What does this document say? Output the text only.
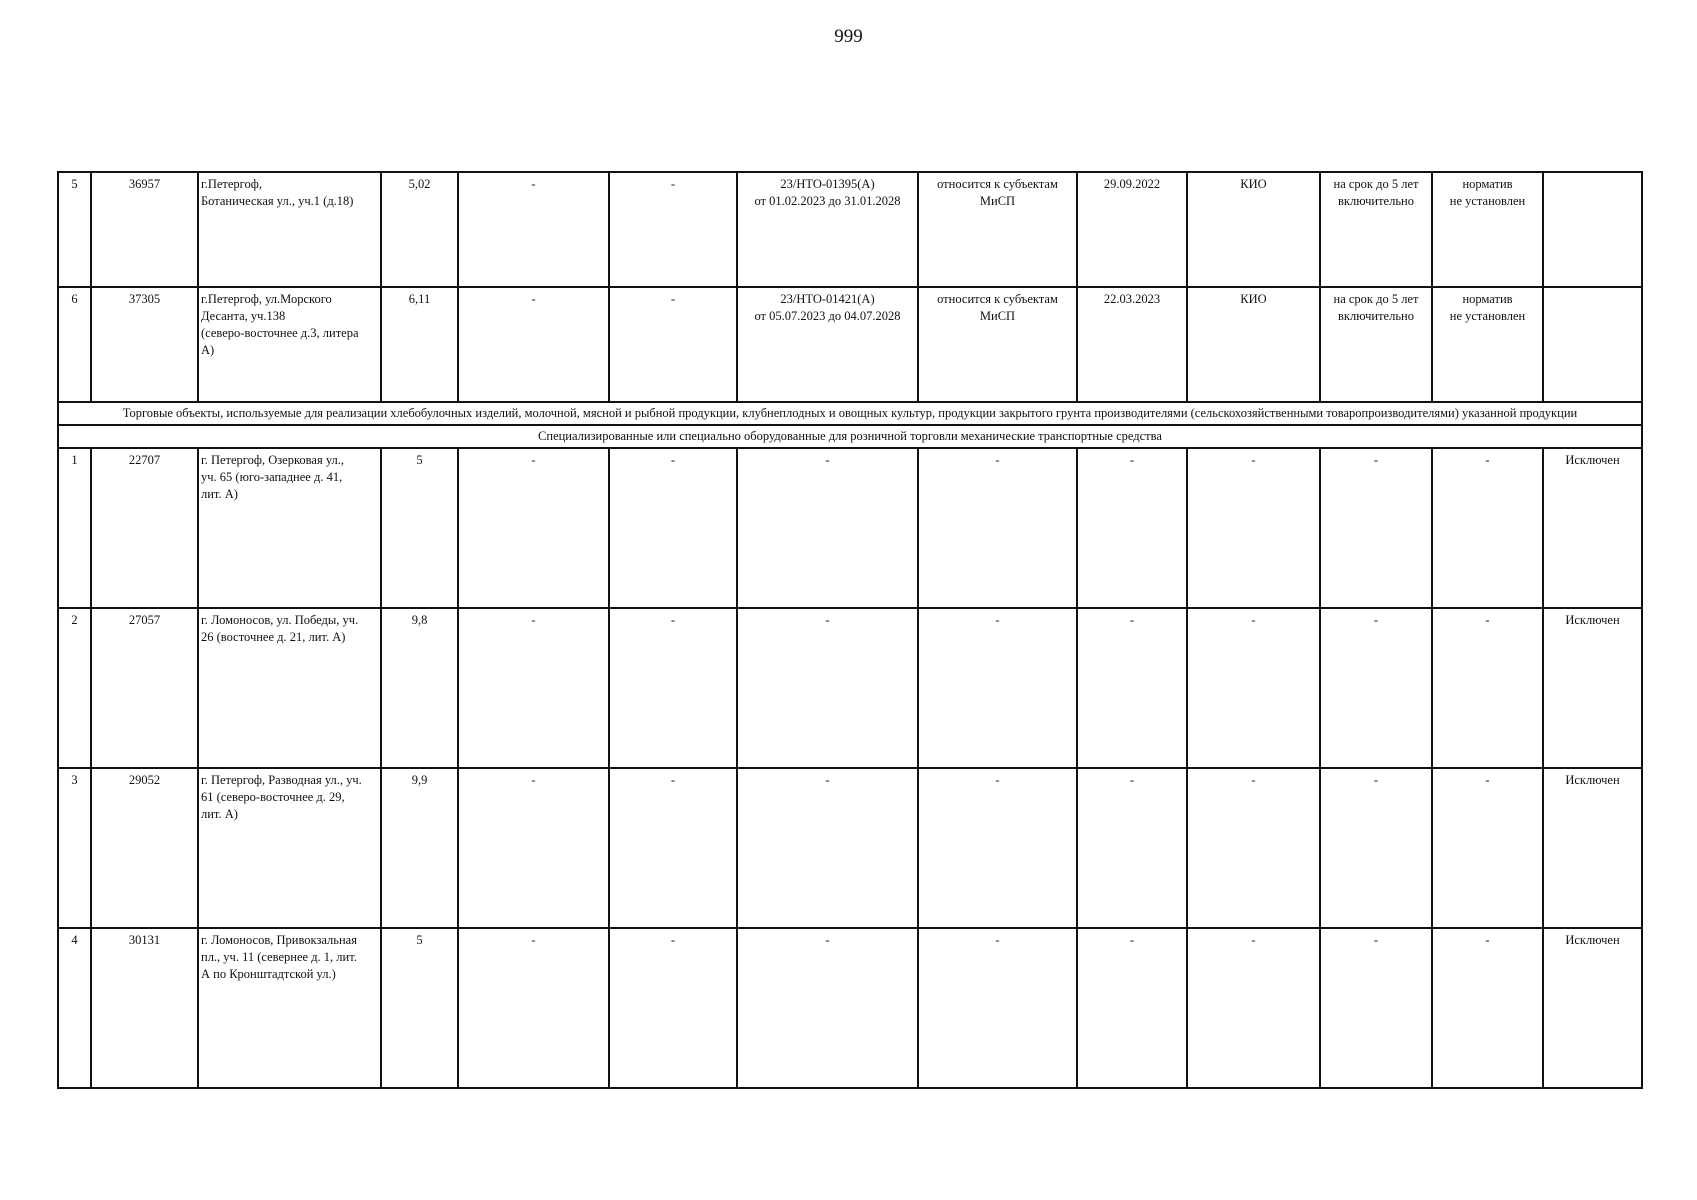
999
5	36957	г.Петергоф,
Ботаническая ул., уч.1 (д.18)	5,02	-	-	23/НТО-01395(А)
от 01.02.2023 до 31.01.2028	относится к субъектам
МиСП	29.09.2022	КИО	на срок до 5 лет
включительно	норматив
не установлен	
6	37305	г.Петергоф, ул.Морского
Десанта, уч.138
(северо-восточнее д.3, литера
А)	6,11	-	-	23/НТО-01421(А)
от 05.07.2023 до 04.07.2028	относится к субъектам
МиСП	22.03.2023	КИО	на срок до 5 лет
включительно	норматив
не установлен	
Торговые объекты, используемые для реализации хлебобулочных изделий, молочной, мясной и рыбной продукции, клубнеплодных и овощных культур, продукции закрытого грунта производителями (сельскохозяйственными товаропроизводителями) указанной продукции												
Специализированные или специально оборудованные для розничной торговли механические транспортные средства												
1	22707	г. Петергоф, Озерковая ул.,
уч. 65 (юго-западнее д. 41,
лит. А)	5	-	-	-	-	-	-	-	-	Исключен
2	27057	г. Ломоносов, ул. Победы, уч.
26 (восточнее д. 21, лит. А)	9,8	-	-	-	-	-	-	-	-	Исключен
3	29052	г. Петергоф, Разводная ул., уч.
61 (северо-восточнее д. 29,
лит. А)	9,9	-	-	-	-	-	-	-	-	Исключен
4	30131	г. Ломоносов, Привокзальная
пл., уч. 11 (севернее д. 1, лит.
А по Кронштадтской ул.)	5	-	-	-	-	-	-	-	-	Исключен
